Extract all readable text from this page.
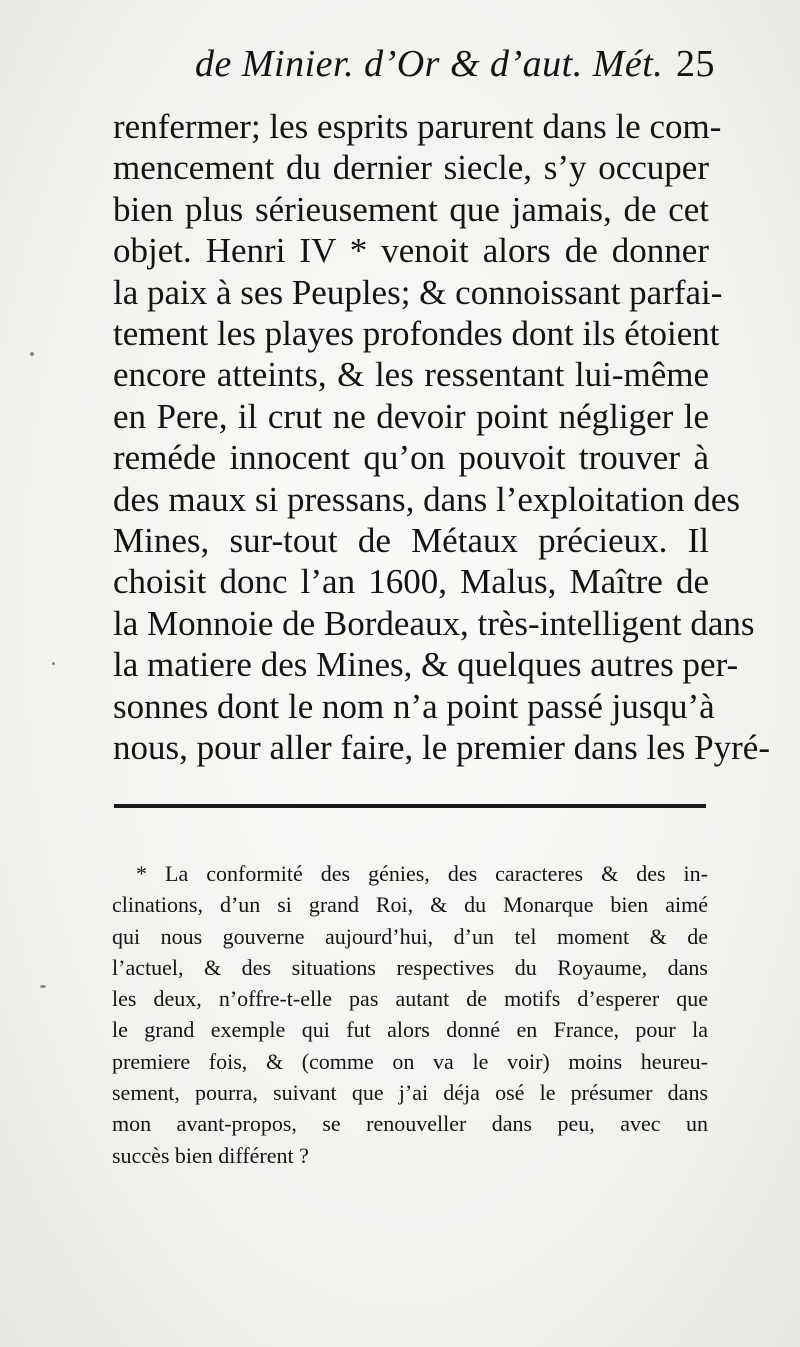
de Minier. d’Or & d’aut. Mét. 25
renfermer; les esprits parurent dans le com-
mencement du dernier siecle, s’y occuper
bien plus sérieusement que jamais, de cet
objet. Henri IV * venoit alors de donner
la paix à ses Peuples; & connoissant parfai-
tement les playes profondes dont ils étoient
encore atteints, & les ressentant lui-même
en Pere, il crut ne devoir point négliger le
reméde innocent qu’on pouvoit trouver à
des maux si pressans, dans l’exploitation des
Mines, sur-tout de Métaux précieux. Il
choisit donc l’an 1600, Malus, Maître de
la Monnoie de Bordeaux, très-intelligent dans
la matiere des Mines, & quelques autres per-
sonnes dont le nom n’a point passé jusqu’à
nous, pour aller faire, le premier dans les Pyré-
* La conformité des génies, des caracteres & des in-
clinations, d’un si grand Roi, & du Monarque bien aimé
qui nous gouverne aujourd’hui, d’un tel moment & de
l’actuel, & des situations respectives du Royaume, dans
les deux, n’offre-t-elle pas autant de motifs d’esperer que
le grand exemple qui fut alors donné en France, pour la
premiere fois, & (comme on va le voir) moins heureu-
sement, pourra, suivant que j’ai déja osé le présumer dans
mon avant-propos, se renouveller dans peu, avec un
succès bien différent ?
